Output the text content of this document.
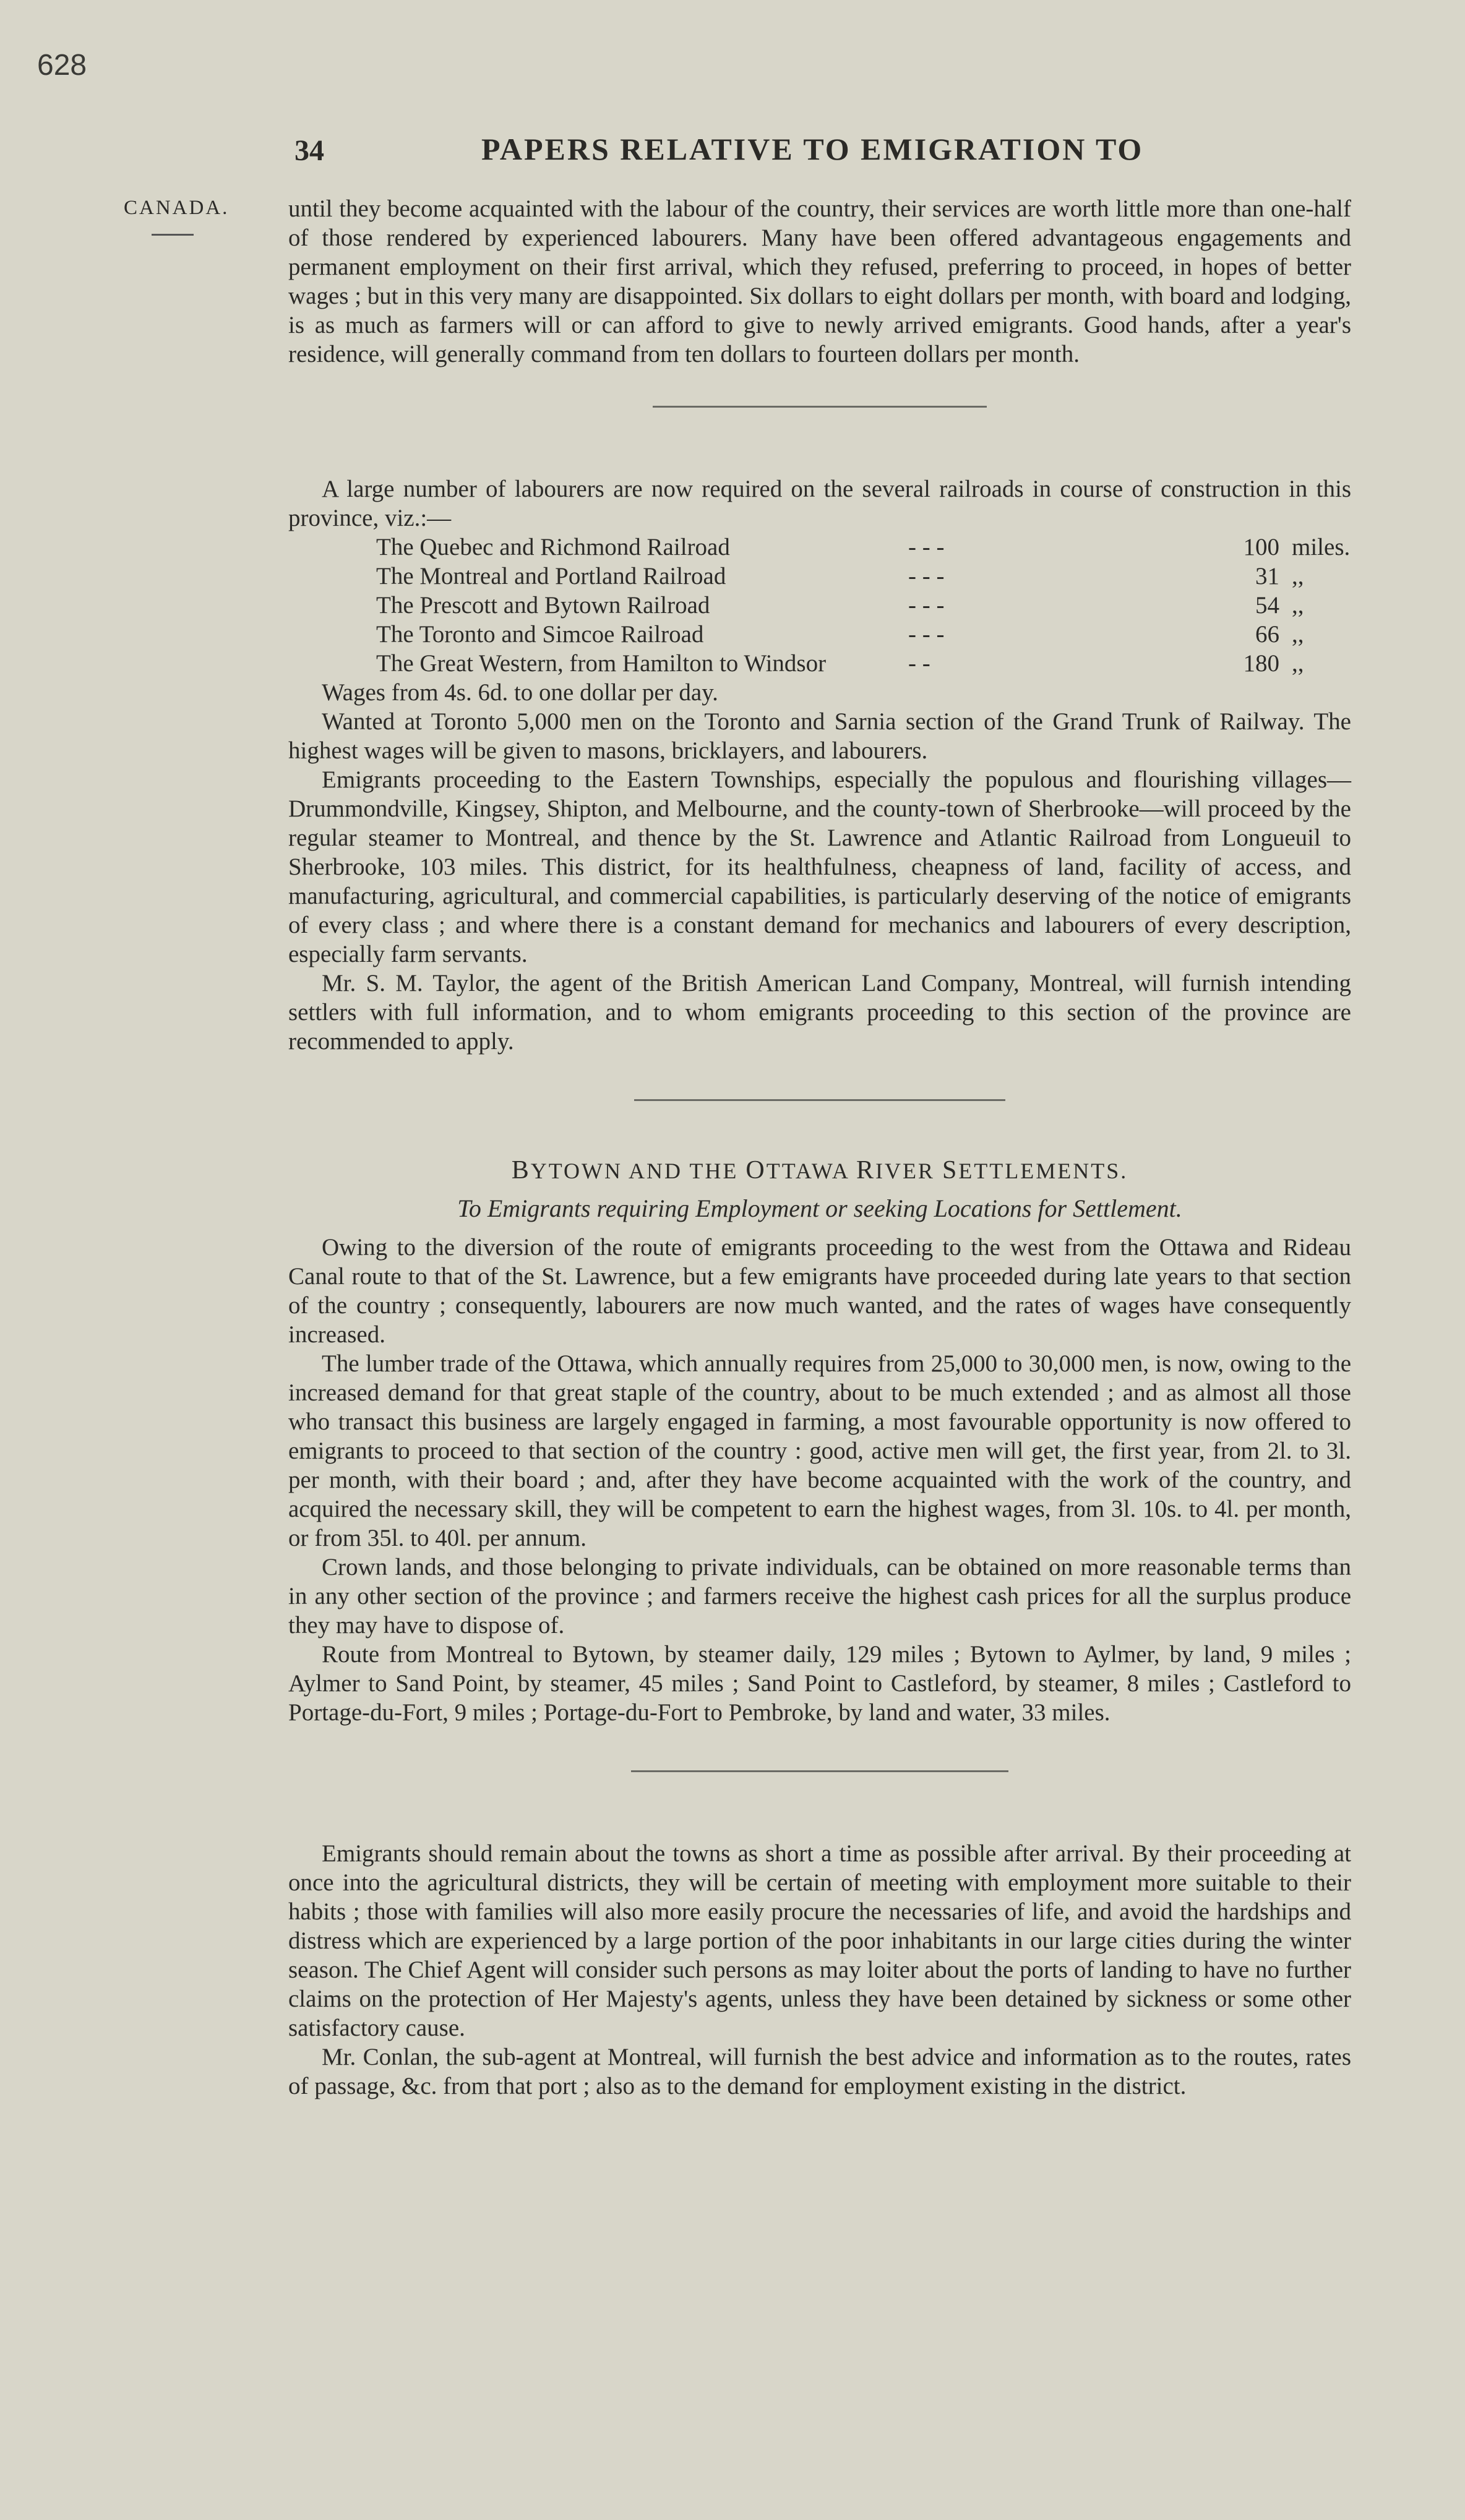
628
34	PAPERS RELATIVE TO EMIGRATION TO
CANADA. until they become acquainted with the labour of the country, their services are worth little more than one-half of those rendered by experienced labourers. Many have been offered advantageous engagements and permanent employment on their first arrival, which they refused, preferring to proceed, in hopes of better wages ; but in this very many are disappointed. Six dollars to eight dollars per month, with board and lodging, is as much as farmers will or can afford to give to newly arrived emigrants. Good hands, after a year's residence, will generally command from ten dollars to fourteen dollars per month.

A large number of labourers are now required on the several railroads in course of construction in this province, viz.:—

The Quebec and Richmond Railroad	- - -	100 miles.
The Montreal and Portland Railroad	- - -	31 ,,
The Prescott and Bytown Railroad	- - -	54 ,,
The Toronto and Simcoe Railroad	- - -	66 ,,
The Great Western, from Hamilton to Windsor	- -	180 ,,

Wages from 4s. 6d. to one dollar per day.

Wanted at Toronto 5,000 men on the Toronto and Sarnia section of the Grand Trunk of Railway. The highest wages will be given to masons, bricklayers, and labourers.

Emigrants proceeding to the Eastern Townships, especially the populous and flourishing villages—Drummondville, Kingsey, Shipton, and Melbourne, and the county-town of Sherbrooke—will proceed by the regular steamer to Montreal, and thence by the St. Lawrence and Atlantic Railroad from Longueuil to Sherbrooke, 103 miles. This district, for its healthfulness, cheapness of land, facility of access, and manufacturing, agricultural, and commercial capabilities, is particularly deserving of the notice of emigrants of every class ; and where there is a constant demand for mechanics and labourers of every description, especially farm servants.

Mr. S. M. Taylor, the agent of the British American Land Company, Montreal, will furnish intending settlers with full information, and to whom emigrants proceeding to this section of the province are recommended to apply.

BYTOWN AND THE OTTAWA RIVER SETTLEMENTS.
To Emigrants requiring Employment or seeking Locations for Settlement.

Owing to the diversion of the route of emigrants proceeding to the west from the Ottawa and Rideau Canal route to that of the St. Lawrence, but a few emigrants have proceeded during late years to that section of the country ; consequently, labourers are now much wanted, and the rates of wages have consequently increased.

The lumber trade of the Ottawa, which annually requires from 25,000 to 30,000 men, is now, owing to the increased demand for that great staple of the country, about to be much extended ; and as almost all those who transact this business are largely engaged in farming, a most favourable opportunity is now offered to emigrants to proceed to that section of the country : good, active men will get, the first year, from 2l. to 3l. per month, with their board ; and, after they have become acquainted with the work of the country, and acquired the necessary skill, they will be competent to earn the highest wages, from 3l. 10s. to 4l. per month, or from 35l. to 40l. per annum.

Crown lands, and those belonging to private individuals, can be obtained on more reasonable terms than in any other section of the province ; and farmers receive the highest cash prices for all the surplus produce they may have to dispose of.

Route from Montreal to Bytown, by steamer daily, 129 miles ; Bytown to Aylmer, by land, 9 miles ; Aylmer to Sand Point, by steamer, 45 miles ; Sand Point to Castleford, by steamer, 8 miles ; Castleford to Portage-du-Fort, 9 miles ; Portage-du-Fort to Pembroke, by land and water, 33 miles.

Emigrants should remain about the towns as short a time as possible after arrival. By their proceeding at once into the agricultural districts, they will be certain of meeting with employment more suitable to their habits ; those with families will also more easily procure the necessaries of life, and avoid the hardships and distress which are experienced by a large portion of the poor inhabitants in our large cities during the winter season. The Chief Agent will consider such persons as may loiter about the ports of landing to have no further claims on the protection of Her Majesty's agents, unless they have been detained by sickness or some other satisfactory cause.

Mr. Conlan, the sub-agent at Montreal, will furnish the best advice and information as to the routes, rates of passage, &c. from that port ; also as to the demand for employment existing in the district.
